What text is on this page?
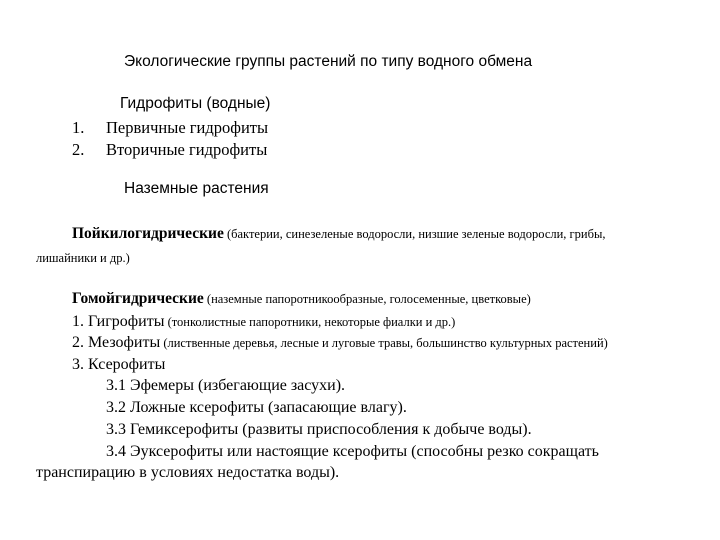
Экологические группы растений по типу водного обмена
Гидрофиты (водные)
1. Первичные гидрофиты
2. Вторичные гидрофиты
Наземные растения
Пойкилогидрические (бактерии, синезеленые водоросли, низшие зеленые водоросли, грибы,
лишайники и др.)
Гомойгидрические (наземные папоротникообразные, голосеменные, цветковые)
1. Гигрофиты (тонколистные папоротники, некоторые фиалки и др.)
2. Мезофиты (лиственные деревья, лесные и луговые травы, большинство культурных растений)
3. Ксерофиты
3.1 Эфемеры (избегающие засухи).
3.2 Ложные ксерофиты (запасающие влагу).
3.3 Гемиксерофиты (развиты приспособления к добыче воды).
3.4 Эуксерофиты или настоящие ксерофиты (способны резко сокращать
транспирацию в условиях недостатка воды).
